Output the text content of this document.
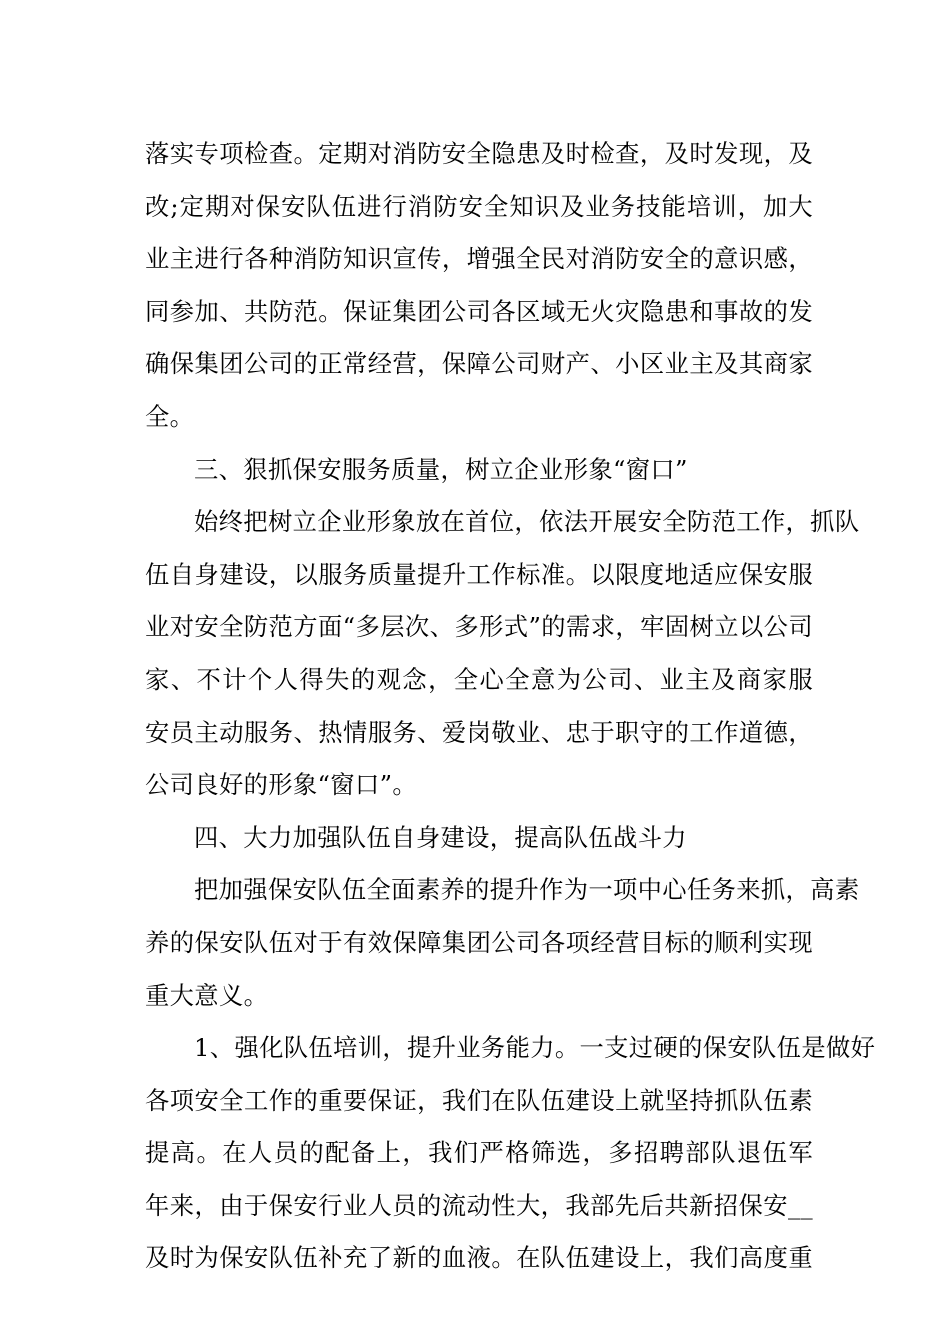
落实专项检查。定期对消防安全隐患及时检查，及时发现，及
改;定期对保安队伍进行消防安全知识及业务技能培训，加大
业主进行各种消防知识宣传，增强全民对消防安全的意识感，
同参加、共防范。保证集团公司各区域无火灾隐患和事故的发
确保集团公司的正常经营，保障公司财产、小区业主及其商家
全。
三、狠抓保安服务质量，树立企业形象“窗口”
始终把树立企业形象放在首位，依法开展安全防范工作，抓队
伍自身建设，以服务质量提升工作标准。以限度地适应保安服
业对安全防范方面“多层次、多形式”的需求，牢固树立以公司
家、不计个人得失的观念，全心全意为公司、业主及商家服
安员主动服务、热情服务、爱岗敬业、忠于职守的工作道德，
公司良好的形象“窗口”。
四、大力加强队伍自身建设，提高队伍战斗力
把加强保安队伍全面素养的提升作为一项中心任务来抓，高素
养的保安队伍对于有效保障集团公司各项经营目标的顺利实现
重大意义。
1、强化队伍培训，提升业务能力。一支过硬的保安队伍是做好
各项安全工作的重要保证，我们在队伍建设上就坚持抓队伍素
提高。在人员的配备上，我们严格筛选，多招聘部队退伍军
年来，由于保安行业人员的流动性大，我部先后共新招保安__
及时为保安队伍补充了新的血液。在队伍建设上，我们高度重
